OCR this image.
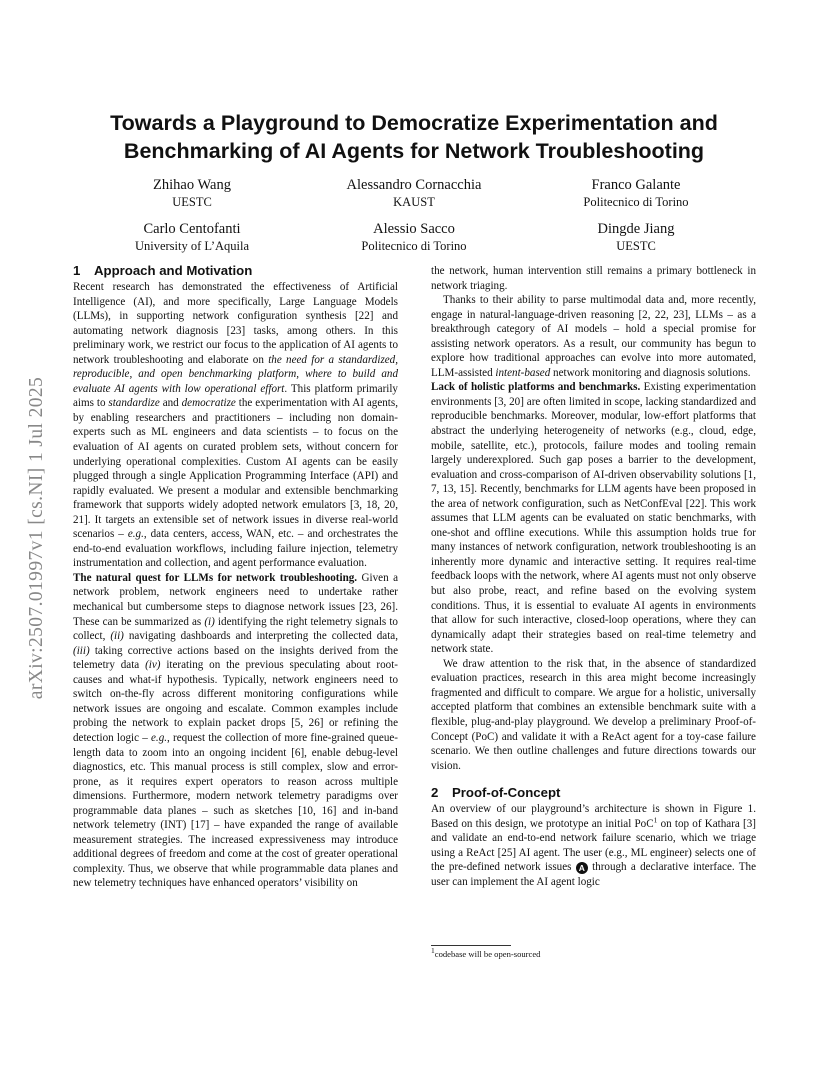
arXiv:2507.01997v1 [cs.NI] 1 Jul 2025
Towards a Playground to Democratize Experimentation and
Benchmarking of AI Agents for Network Troubleshooting
Zhihao Wang
UESTC
Alessandro Cornacchia
KAUST
Franco Galante
Politecnico di Torino
Carlo Centofanti
University of L’Aquila
Alessio Sacco
Politecnico di Torino
Dingde Jiang
UESTC
1 Approach and Motivation

Recent research has demonstrated the effectiveness of Artificial Intelligence (AI), and more specifically, Large Language Models (LLMs), in supporting network configuration synthesis [22] and automating network diagnosis [23] tasks, among others. In this preliminary work, we restrict our focus to the application of AI agents to network troubleshooting and elaborate on the need for a standardized, reproducible, and open benchmarking platform, where to build and evaluate AI agents with low operational effort. This platform primarily aims to standardize and democratize the experimentation with AI agents, by enabling researchers and practitioners – including non domain-experts such as ML engineers and data scientists – to focus on the evaluation of AI agents on curated problem sets, without concern for underlying operational complexities. Custom AI agents can be easily plugged through a single Application Programming Interface (API) and rapidly evaluated. We present a modular and extensible benchmarking framework that supports widely adopted network emulators [3, 18, 20, 21]. It targets an extensible set of network issues in diverse real-world scenarios – e.g., data centers, access, WAN, etc. – and orchestrates the end-to-end evaluation workflows, including failure injection, telemetry instrumentation and collection, and agent performance evaluation.

The natural quest for LLMs for network troubleshooting. Given a network problem, network engineers need to undertake rather mechanical but cumbersome steps to diagnose network issues [23, 26]. These can be summarized as (i) identifying the right telemetry signals to collect, (ii) navigating dashboards and interpreting the collected data, (iii) taking corrective actions based on the insights derived from the telemetry data (iv) iterating on the previous speculating about root-causes and what-if hypothesis. Typically, network engineers need to switch on-the-fly across different monitoring configurations while network issues are ongoing and escalate. Common examples include probing the network to explain packet drops [5, 26] or refining the detection logic – e.g., request the collection of more fine-grained queue-length data to zoom into an ongoing incident [6], enable debug-level diagnostics, etc. This manual process is still complex, slow and error-prone, as it requires expert operators to reason across multiple dimensions. Furthermore, modern network telemetry paradigms over programmable data planes – such as sketches [10, 16] and in-band network telemetry (INT) [17] – have expanded the range of available measurement strategies. The increased expressiveness may introduce additional degrees of freedom and come at the cost of greater operational complexity. Thus, we observe that while programmable data planes and new telemetry techniques have enhanced operators’ visibility on

the network, human intervention still remains a primary bottleneck in network triaging.

Thanks to their ability to parse multimodal data and, more recently, engage in natural-language-driven reasoning [2, 22, 23], LLMs – as a breakthrough category of AI models – hold a special promise for assisting network operators. As a result, our community has begun to explore how traditional approaches can evolve into more automated, LLM-assisted intent-based network monitoring and diagnosis solutions.

Lack of holistic platforms and benchmarks. Existing experimentation environments [3, 20] are often limited in scope, lacking standardized and reproducible benchmarks. Moreover, modular, low-effort platforms that abstract the underlying heterogeneity of networks (e.g., cloud, edge, mobile, satellite, etc.), protocols, failure modes and tooling remain largely underexplored. Such gap poses a barrier to the development, evaluation and cross-comparison of AI-driven observability solutions [1, 7, 13, 15]. Recently, benchmarks for LLM agents have been proposed in the area of network configuration, such as NetConfEval [22]. This work assumes that LLM agents can be evaluated on static benchmarks, with one-shot and offline executions. While this assumption holds true for many instances of network configuration, network troubleshooting is an inherently more dynamic and interactive setting. It requires real-time feedback loops with the network, where AI agents must not only observe but also probe, react, and refine based on the evolving system conditions. Thus, it is essential to evaluate AI agents in environments that allow for such interactive, closed-loop operations, where they can dynamically adapt their strategies based on real-time telemetry and network state.

We draw attention to the risk that, in the absence of standardized evaluation practices, research in this area might become increasingly fragmented and difficult to compare. We argue for a holistic, universally accepted platform that combines an extensible benchmark suite with a flexible, plug-and-play playground. We develop a preliminary Proof-of-Concept (PoC) and validate it with a ReAct agent for a toy-case failure scenario. We then outline challenges and future directions towards our vision.

2 Proof-of-Concept

An overview of our playground’s architecture is shown in Figure 1. Based on this design, we prototype an initial PoC$^1$ on top of Kathara [3] and validate an end-to-end network failure scenario, which we triage using a ReAct [25] AI agent. The user (e.g., ML engineer) selects one of the pre-defined network issues A through a declarative interface. The user can implement the AI agent logic

$^1$codebase will be open-sourced
